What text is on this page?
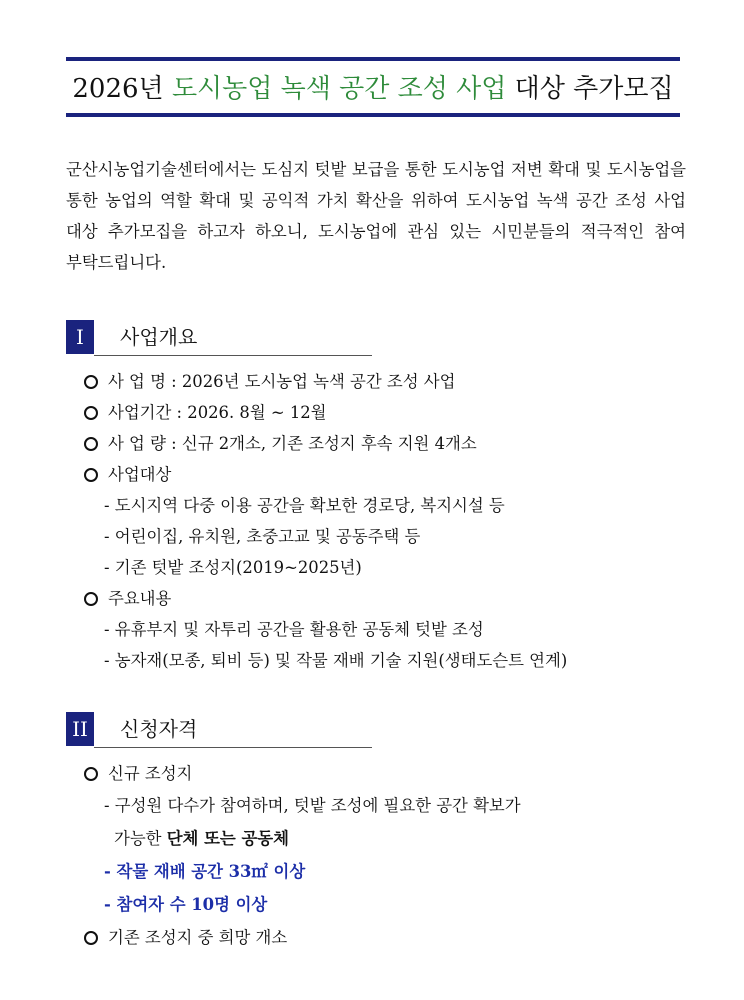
2026년 도시농업 녹색 공간 조성 사업 대상 추가모집
군산시농업기술센터에서는 도심지 텃밭 보급을 통한 도시농업 저변 확대 및 도시농업을 통한 농업의 역할 확대 및 공익적 가치 확산을 위하여 도시농업 녹색 공간 조성 사업 대상 추가모집을 하고자 하오니, 도시농업에 관심 있는 시민분들의 적극적인 참여 부탁드립니다.
I	사업개요
사 업 명 : 2026년 도시농업 녹색 공간 조성 사업
사업기간 : 2026. 8월 ~ 12월
사 업 량 : 신규 2개소, 기존 조성지 후속 지원 4개소
사업대상
- 도시지역 다중 이용 공간을 확보한 경로당, 복지시설 등
- 어린이집, 유치원, 초중고교 및 공동주택 등
- 기존 텃밭 조성지(2019~2025년)
주요내용
- 유휴부지 및 자투리 공간을 활용한 공동체 텃밭 조성
- 농자재(모종, 퇴비 등) 및 작물 재배 기술 지원(생태도슨트 연계)
II	신청자격
신규 조성지
- 구성원 다수가 참여하며, 텃밭 조성에 필요한 공간 확보가
가능한 단체 또는 공동체
- 작물 재배 공간 33㎡ 이상
- 참여자 수 10명 이상
기존 조성지 중 희망 개소
